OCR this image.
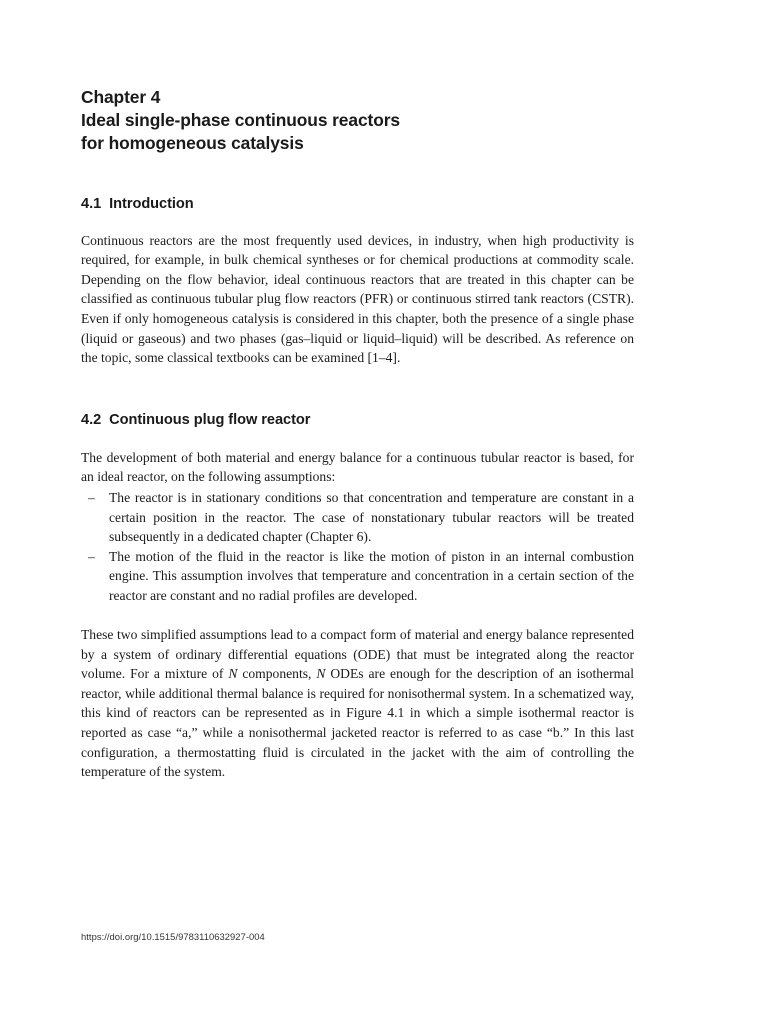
Chapter 4
Ideal single-phase continuous reactors
for homogeneous catalysis
4.1  Introduction

Continuous reactors are the most frequently used devices, in industry, when high productivity is required, for example, in bulk chemical syntheses or for chemical productions at commodity scale. Depending on the flow behavior, ideal continuous reactors that are treated in this chapter can be classified as continuous tubular plug flow reactors (PFR) or continuous stirred tank reactors (CSTR). Even if only homogeneous catalysis is considered in this chapter, both the presence of a single phase (liquid or gaseous) and two phases (gas–liquid or liquid–liquid) will be described. As reference on the topic, some classical textbooks can be examined [1–4].

4.2  Continuous plug flow reactor

The development of both material and energy balance for a continuous tubular reactor is based, for an ideal reactor, on the following assumptions:

–	The reactor is in stationary conditions so that concentration and temperature are constant in a certain position in the reactor. The case of nonstationary tubular reactors will be treated subsequently in a dedicated chapter (Chapter 6).
–	The motion of the fluid in the reactor is like the motion of piston in an internal combustion engine. This assumption involves that temperature and concentration in a certain section of the reactor are constant and no radial profiles are developed.

These two simplified assumptions lead to a compact form of material and energy balance represented by a system of ordinary differential equations (ODE) that must be integrated along the reactor volume. For a mixture of N components, N ODEs are enough for the description of an isothermal reactor, while additional thermal balance is required for nonisothermal system. In a schematized way, this kind of reactors can be represented as in Figure 4.1 in which a simple isothermal reactor is reported as case “a,” while a nonisothermal jacketed reactor is referred to as case “b.” In this last configuration, a thermostatting fluid is circulated in the jacket with the aim of controlling the temperature of the system.

https://doi.org/10.1515/9783110632927-004
